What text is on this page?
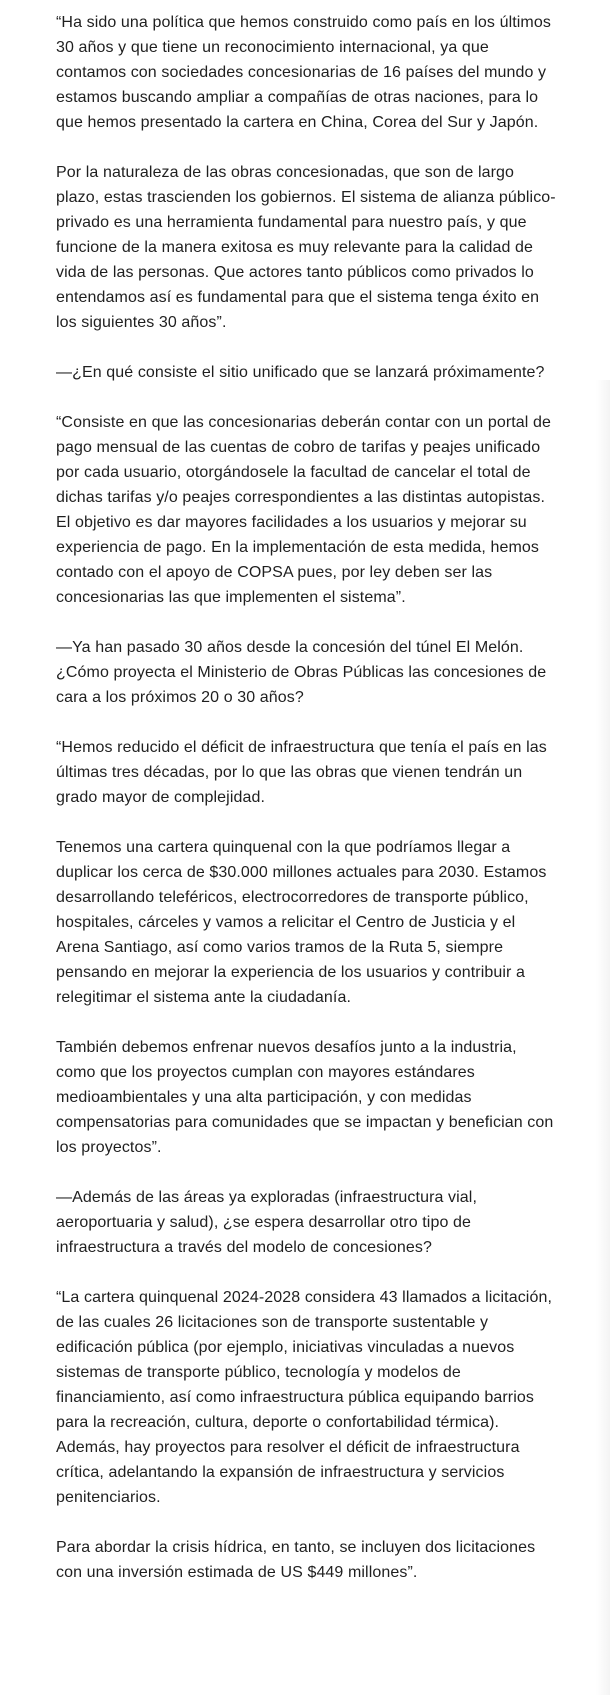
“Ha sido una política que hemos construido como país en los últimos 30 años y que tiene un reconocimiento internacional, ya que contamos con sociedades concesionarias de 16 países del mundo y estamos buscando ampliar a compañías de otras naciones, para lo que hemos presentado la cartera en China, Corea del Sur y Japón.

Por la naturaleza de las obras concesionadas, que son de largo plazo, estas trascienden los gobiernos. El sistema de alianza público-privado es una herramienta fundamental para nuestro país, y que funcione de la manera exitosa es muy relevante para la calidad de vida de las personas. Que actores tanto públicos como privados lo entendamos así es fundamental para que el sistema tenga éxito en los siguientes 30 años”.

—¿En qué consiste el sitio unificado que se lanzará próximamente?

“Consiste en que las concesionarias deberán contar con un portal de pago mensual de las cuentas de cobro de tarifas y peajes unificado por cada usuario, otorgándosele la facultad de cancelar el total de dichas tarifas y/o peajes correspondientes a las distintas autopistas. El objetivo es dar mayores facilidades a los usuarios y mejorar su experiencia de pago. En la implementación de esta medida, hemos contado con el apoyo de COPSA pues, por ley deben ser las concesionarias las que implementen el sistema”.

—Ya han pasado 30 años desde la concesión del túnel El Melón. ¿Cómo proyecta el Ministerio de Obras Públicas las concesiones de cara a los próximos 20 o 30 años?

“Hemos reducido el déficit de infraestructura que tenía el país en las últimas tres décadas, por lo que las obras que vienen tendrán un grado mayor de complejidad.

Tenemos una cartera quinquenal con la que podríamos llegar a duplicar los cerca de $30.000 millones actuales para 2030. Estamos desarrollando teleféricos, electrocorredores de transporte público, hospitales, cárceles y vamos a relicitar el Centro de Justicia y el Arena Santiago, así como varios tramos de la Ruta 5, siempre pensando en mejorar la experiencia de los usuarios y contribuir a relegitimar el sistema ante la ciudadanía.

También debemos enfrenar nuevos desafíos junto a la industria, como que los proyectos cumplan con mayores estándares medioambientales y una alta participación, y con medidas compensatorias para comunidades que se impactan y benefician con los proyectos”.

—Además de las áreas ya exploradas (infraestructura vial, aeroportuaria y salud), ¿se espera desarrollar otro tipo de infraestructura a través del modelo de concesiones?

“La cartera quinquenal 2024-2028 considera 43 llamados a licitación, de las cuales 26 licitaciones son de transporte sustentable y edificación pública (por ejemplo, iniciativas vinculadas a nuevos sistemas de transporte público, tecnología y modelos de financiamiento, así como infraestructura pública equipando barrios para la recreación, cultura, deporte o confortabilidad térmica). Además, hay proyectos para resolver el déficit de infraestructura crítica, adelantando la expansión de infraestructura y servicios penitenciarios.

Para abordar la crisis hídrica, en tanto, se incluyen dos licitaciones con una inversión estimada de US $449 millones”.
